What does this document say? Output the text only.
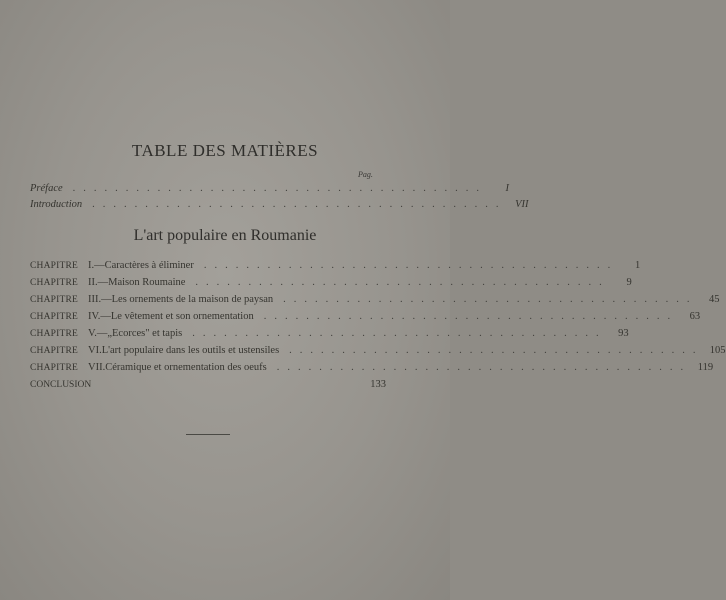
TABLE DES MATIÈRES
Pag.
Préface .......................................	I
Introduction ....................................... VII
L'art populaire en Roumanie
CHAPITRE I.—Caractères à éliminer .......................................	1
CHAPITRE II.—Maison Roumaine .......................................	9
CHAPITRE III.—Les ornements de la maison de paysan .......................................	45
CHAPITRE IV.—Le vêtement et son ornementation .......................................	63
CHAPITRE V.—„Ecorces" et tapis .......................................	93
CHAPITRE VI.L'art populaire dans les outils et ustensiles ....................................... 105
CHAPITRE VII.Céramique et ornementation des oeufs ....................................... 119
CONCLUSION	133
